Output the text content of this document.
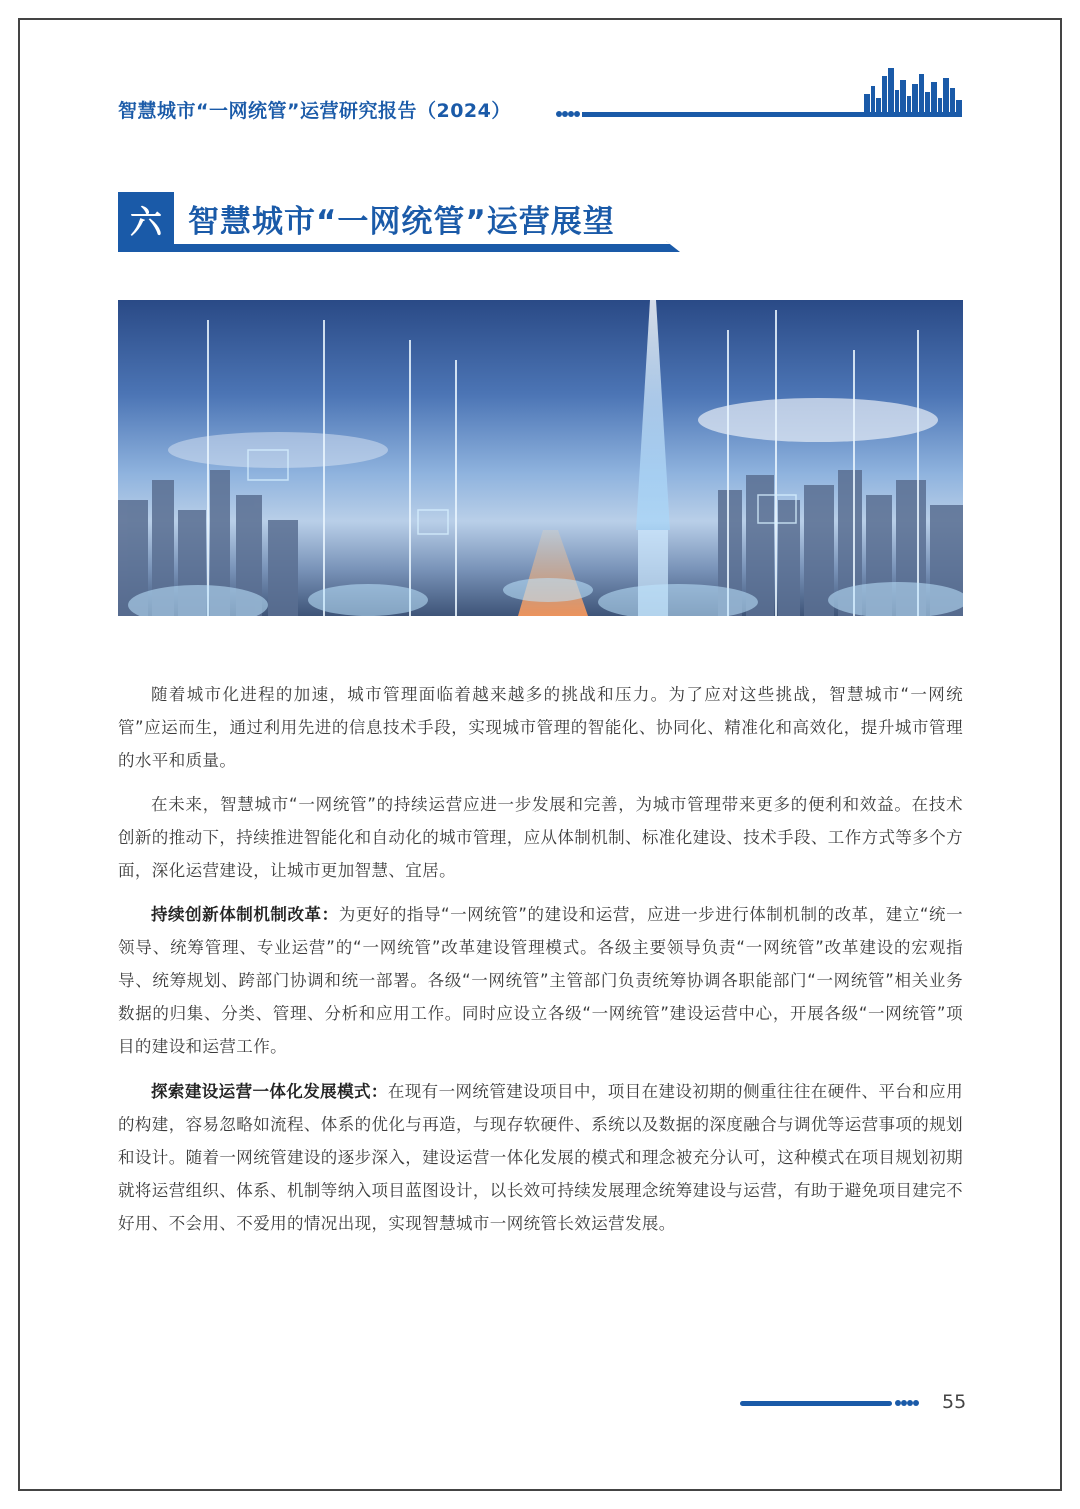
智慧城市“一网统管”运营研究报告（2024）
六 智慧城市“一网统管”运营展望
随着城市化进程的加速，城市管理面临着越来越多的挑战和压力。为了应对这些挑战，智慧城市“一网统管”应运而生，通过利用先进的信息技术手段，实现城市管理的智能化、协同化、精准化和高效化，提升城市管理的水平和质量。
在未来，智慧城市“一网统管”的持续运营应进一步发展和完善，为城市管理带来更多的便利和效益。在技术创新的推动下，持续推进智能化和自动化的城市管理，应从体制机制、标准化建设、技术手段、工作方式等多个方面，深化运营建设，让城市更加智慧、宜居。
持续创新体制机制改革：为更好的指导“一网统管”的建设和运营，应进一步进行体制机制的改革，建立“统一领导、统筹管理、专业运营”的“一网统管”改革建设管理模式。各级主要领导负责“一网统管”改革建设的宏观指导、统筹规划、跨部门协调和统一部署。各级“一网统管”主管部门负责统筹协调各职能部门“一网统管”相关业务数据的归集、分类、管理、分析和应用工作。同时应设立各级“一网统管”建设运营中心，开展各级“一网统管”项目的建设和运营工作。
探索建设运营一体化发展模式：在现有一网统管建设项目中，项目在建设初期的侧重往往在硬件、平台和应用的构建，容易忽略如流程、体系的优化与再造，与现存软硬件、系统以及数据的深度融合与调优等运营事项的规划和设计。随着一网统管建设的逐步深入，建设运营一体化发展的模式和理念被充分认可，这种模式在项目规划初期就将运营组织、体系、机制等纳入项目蓝图设计，以长效可持续发展理念统筹建设与运营，有助于避免项目建完不好用、不会用、不爱用的情况出现，实现智慧城市一网统管长效运营发展。
55
